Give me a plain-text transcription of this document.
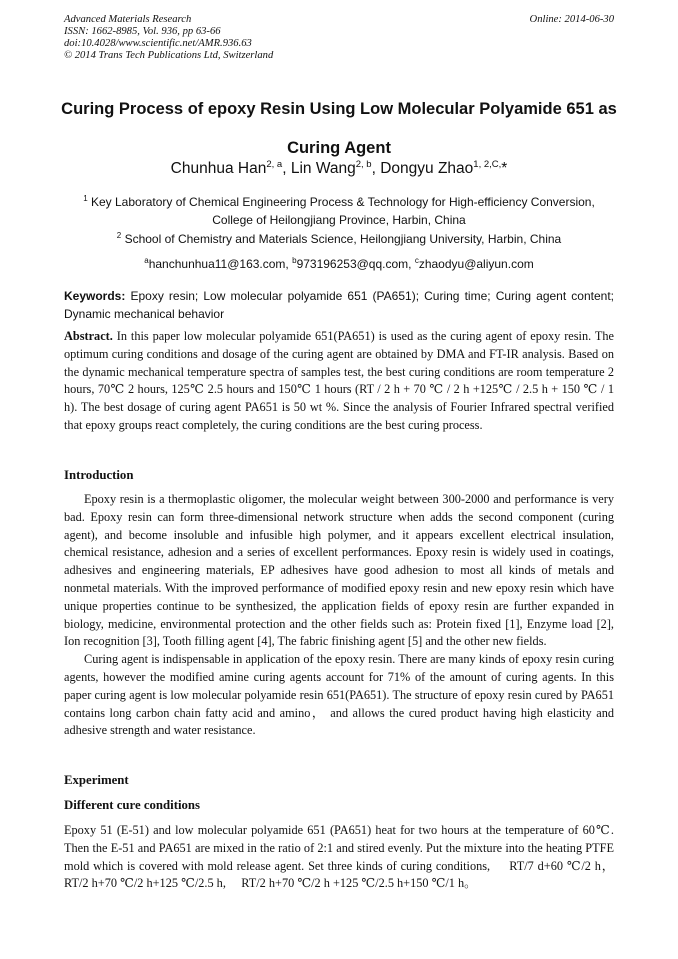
Advanced Materials Research
ISSN: 1662-8985, Vol. 936, pp 63-66
doi:10.4028/www.scientific.net/AMR.936.63
© 2014 Trans Tech Publications Ltd, Switzerland
Online: 2014-06-30
Curing Process of epoxy Resin Using Low Molecular Polyamide 651 as
Curing Agent
Chunhua Han$^{2, a}$, Lin Wang$^{2, b}$, Dongyu Zhao$^{1, 2,C,}$*
$^1$ Key Laboratory of Chemical Engineering Process & Technology for High-efficiency Conversion,
College of Heilongjiang Province, Harbin, China
$^2$ School of Chemistry and Materials Science, Heilongjiang University, Harbin, China
$^a$hanchunhua11@163.com, $^b$973196253@qq.com, $^c$zhaodyu@aliyun.com
Keywords: Epoxy resin; Low molecular polyamide 651 (PA651); Curing time; Curing agent content; Dynamic mechanical behavior

Abstract. In this paper low molecular polyamide 651(PA651) is used as the curing agent of epoxy resin. The optimum curing conditions and dosage of the curing agent are obtained by DMA and FT-IR analysis. Based on the dynamic mechanical temperature spectra of samples test, the best curing conditions are room temperature 2 hours, 70℃ 2 hours, 125℃ 2.5 hours and 150℃ 1 hours (RT / 2 h + 70 ℃ / 2 h +125℃ / 2.5 h + 150 ℃ / 1 h). The best dosage of curing agent PA651 is 50 wt %. Since the analysis of Fourier Infrared spectral verified that epoxy groups react completely, the curing conditions are the best curing process.

Introduction

Epoxy resin is a thermoplastic oligomer, the molecular weight between 300-2000 and performance is very bad. Epoxy resin can form three-dimensional network structure when adds the second component (curing agent), and become insoluble and infusible high polymer, and it appears excellent electrical insulation, chemical resistance, adhesion and a series of excellent performances. Epoxy resin is widely used in coatings, adhesives and engineering materials, EP adhesives have good adhesion to most all kinds of metals and nonmetal materials. With the improved performance of modified epoxy resin and new epoxy resin which have unique properties continue to be synthesized, the application fields of epoxy resin are further expanded in biology, medicine, environmental protection and the other fields such as: Protein fixed [1], Enzyme load [2], Ion recognition [3], Tooth filling agent [4], The fabric finishing agent [5] and the other new fields.

Curing agent is indispensable in application of the epoxy resin. There are many kinds of epoxy resin curing agents, however the modified amine curing agents account for 71% of the amount of curing agents. In this paper curing agent is low molecular polyamide resin 651(PA651). The structure of epoxy resin cured by PA651 contains long carbon chain fatty acid and amino， and allows the cured product having high elasticity and adhesive strength and water resistance.

Experiment
Different cure conditions

Epoxy 51 (E-51) and low molecular polyamide 651 (PA651) heat for two hours at the temperature of 60℃. Then the E-51 and PA651 are mixed in the ratio of 2:1 and stired evenly. Put the mixture into the heating PTFE mold which is covered with mold release agent. Set three kinds of curing conditions,     RT/7 d+60 ℃/2 h，    RT/2 h+70 ℃/2 h+125 ℃/2.5 h,     RT/2 h+70 ℃/2 h +125 ℃/2.5 h+150 ℃/1 h。
